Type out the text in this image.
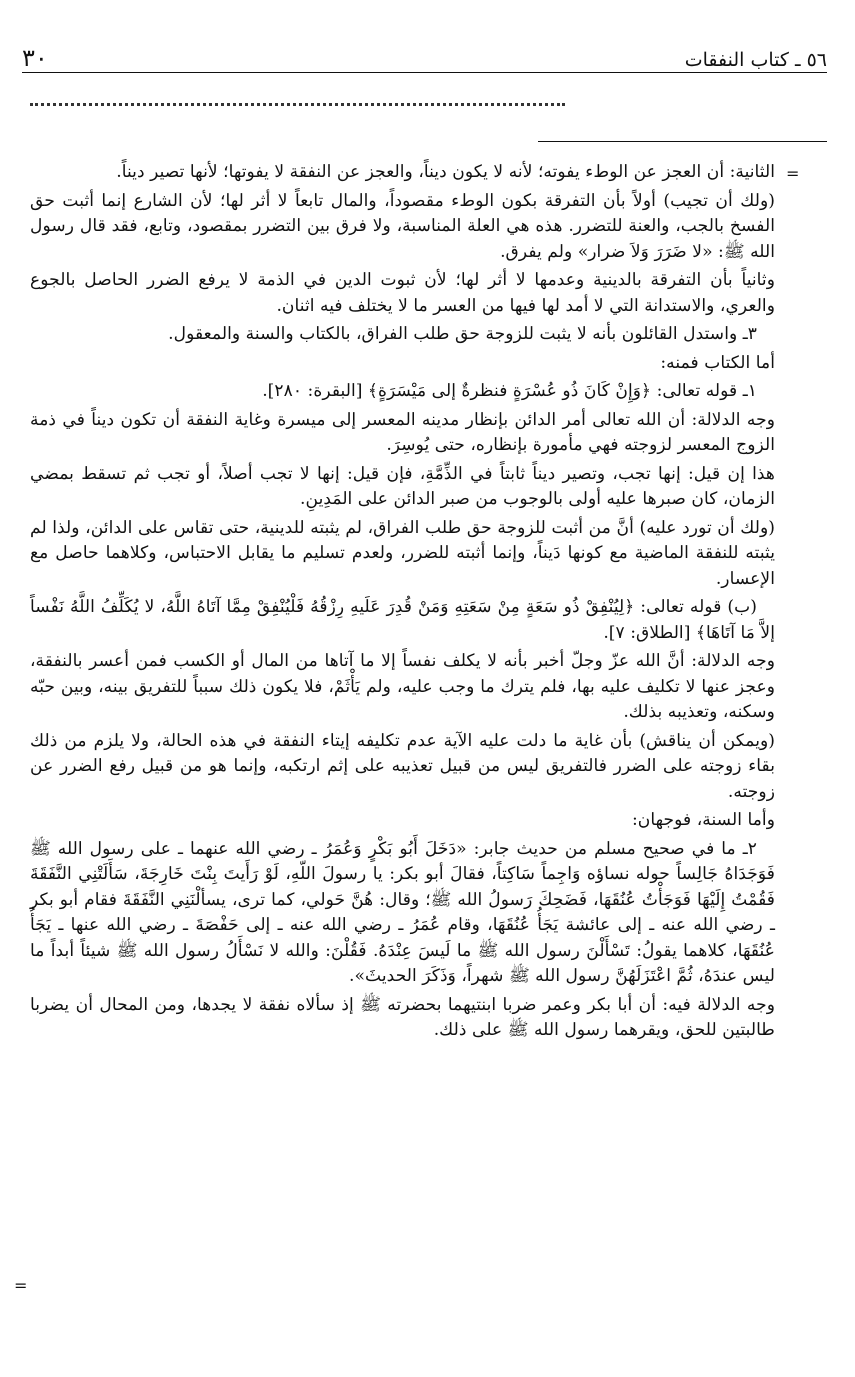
٣٠	٥٦ ـ كتاب النفقات
=
=

الثانية: أن العجز عن الوطء يفوته؛ لأنه لا يكون ديناً، والعجز عن النفقة لا يفوتها؛ لأنها تصير ديناً.

(ولك أن تجيب) أولاً بأن التفرقة بكون الوطء مقصوداً، والمال تابعاً لا أثر لها؛ لأن الشارع إنما أثبت حق الفسخ بالجب، والعنة للتضرر. هذه هي العلة المناسبة، ولا فرق بين التضرر بمقصود، وتابع، فقد قال رسول الله ﷺ: «لا ضَرَرَ وَلاَ ضرار» ولم يفرق.

وثانياً بأن التفرقة بالدينية وعدمها لا أثر لها؛ لأن ثبوت الدين في الذمة لا يرفع الضرر الحاصل بالجوع والعري، والاستدانة التي لا أمد لها فيها من العسر ما لا يختلف فيه اثنان.

٣ـ واستدل القائلون بأنه لا يثبت للزوجة حق طلب الفراق، بالكتاب والسنة والمعقول.

أما الكتاب فمنه:

١ـ قوله تعالى: ﴿وَإِنْ كَانَ ذُو عُسْرَةٍ فنظرةٌ إلى مَيْسَرَةٍ﴾ [البقرة: ٢٨٠].

وجه الدلالة: أن الله تعالى أمر الدائن بإنظار مدينه المعسر إلى ميسرة وغاية النفقة أن تكون ديناً في ذمة الزوج المعسر لزوجته فهي مأمورة بإنظاره، حتى يُوسِرَ.

هذا إن قيل: إنها تجب، وتصير ديناً ثابتاً في الذِّمَّةِ، فإن قيل: إنها لا تجب أصلاً، أو تجب ثم تسقط بمضي الزمان، كان صبرها عليه أولى بالوجوب من صبر الدائن على المَدِينِ.

(ولك أن تورد عليه) أنَّ من أثبت للزوجة حق طلب الفراق، لم يثبته للدينية، حتى تقاس على الدائن، ولذا لم يثبته للنفقة الماضية مع كونها دَيناً، وإنما أثبته للضرر، ولعدم تسليم ما يقابل الاحتباس، وكلاهما حاصل مع الإعسار.

(ب) قوله تعالى: ﴿لِيُنْفِقْ ذُو سَعَةٍ مِنْ سَعَتِهِ وَمَنْ قُدِرَ عَلَيهِ رِزْقُهُ فَلْيُنْفِقْ مِمَّا آتَاهُ اللَّهُ، لا يُكَلِّفُ اللَّهُ نَفْساً إلاَّ مَا آتَاهَا﴾ [الطلاق: ٧].

وجه الدلالة: أنَّ الله عزّ وجلّ أخبر بأنه لا يكلف نفساً إلا ما آتاها من المال أو الكسب فمن أعسر بالنفقة، وعجز عنها لا تكليف عليه بها، فلم يترك ما وجب عليه، ولم يَأْثَمْ، فلا يكون ذلك سبباً للتفريق بينه، وبين حبّه وسكنه، وتعذيبه بذلك.

(ويمكن أن يناقش) بأن غاية ما دلت عليه الآية عدم تكليفه إيتاء النفقة في هذه الحالة، ولا يلزم من ذلك بقاء زوجته على الضرر فالتفريق ليس من قبيل تعذيبه على إثم ارتكبه، وإنما هو من قبيل رفع الضرر عن زوجته.

وأما السنة، فوجهان:

٢ـ ما في صحيح مسلم من حديث جابر: «دَخَلَ أَبُو بَكْرٍ وَعُمَرُ ـ رضي الله عنهما ـ على رسول الله ﷺ فَوَجَدَاهُ جَالِساً حوله نساؤه وَاجِماً سَاكِتاً، فقالَ أبو بكر: يا رسولَ اللّهِ، لَوْ رَأَيتَ بِنْتَ خَارِجَةَ، سَأَلَتْنِي النَّفَقَةَ فَقُمْتُ إِلَيْهَا فَوَجَأْتُ عُنُقَهَا، فَضَحِكَ رَسولُ الله ﷺ؛ وقال: هُنَّ حَولي، كما ترى، يسألْنَنِي النَّفَقَةَ فقام أبو بكر ـ رضي الله عنه ـ إلى عائشة يَجَأُ عُنُقَهَا، وقام عُمَرُ ـ رضي الله عنه ـ إلى حَفْصَةَ ـ رضي الله عنها ـ يَجَأُ عُنُقَهَا، كلاهما يقولُ: تَسْأَلْنَ رسول الله ﷺ ما لَيسَ عِنْدَهُ. فَقُلْنَ: والله لا نَسْأَلُ رسول الله ﷺ شيئاً أبداً ما ليس عندَهُ، ثُمَّ اعْتَزَلَهُنَّ رسول الله ﷺ شهراً، وَذَكَرَ الحديثَ».

وجه الدلالة فيه: أن أبا بكر وعمر ضربا ابنتيهما بحضرته ﷺ إذ سألاه نفقة لا يجدها، ومن المحال أن يضربا طالبتين للحق، ويقرهما رسول الله ﷺ على ذلك.
